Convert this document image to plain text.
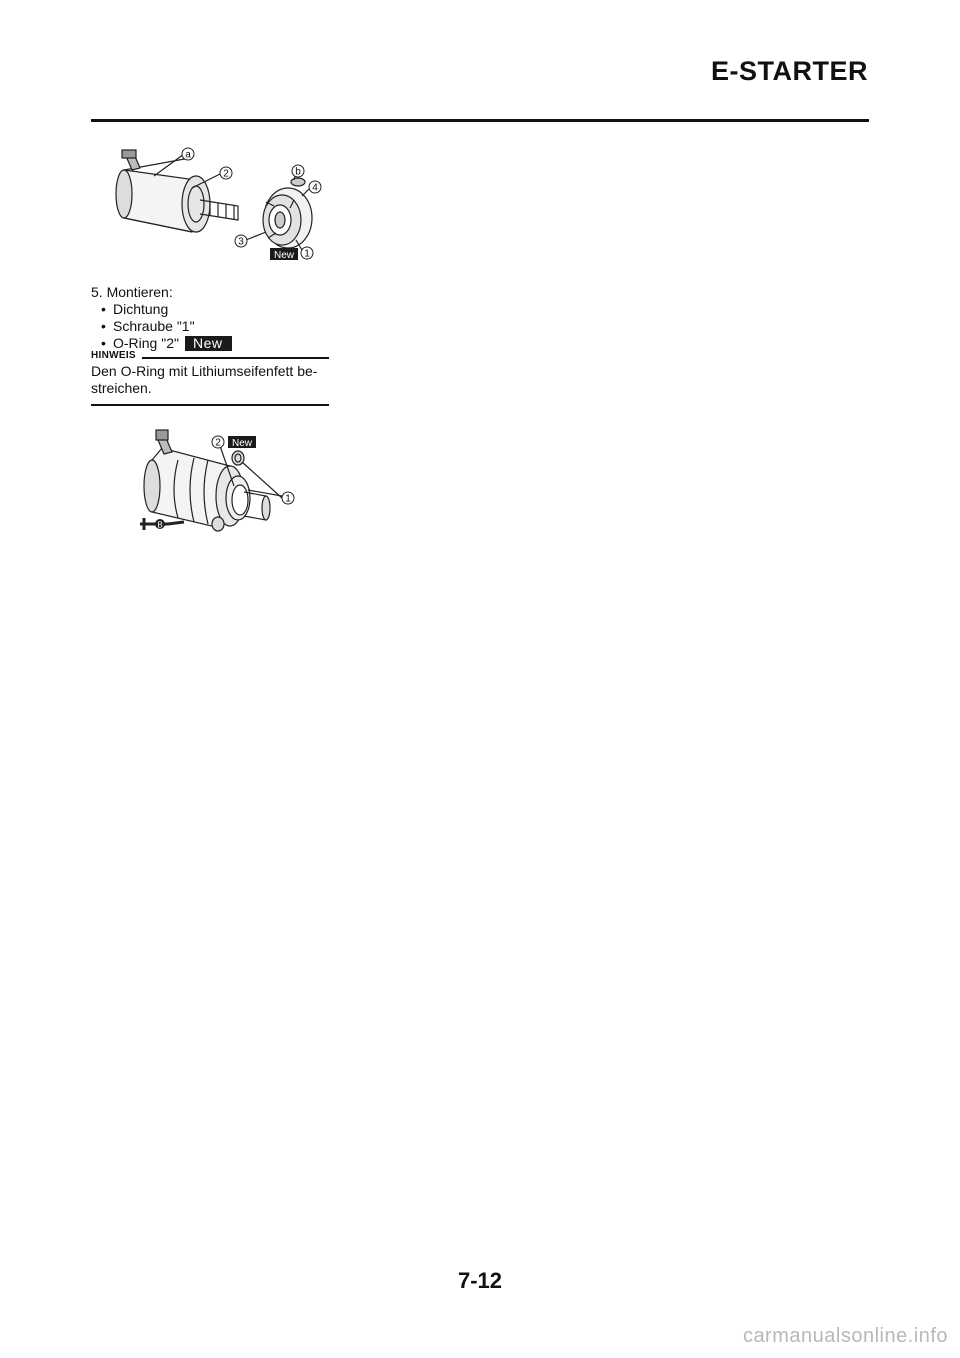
E-STARTER
a
2	b
4
3
New 1

5. Montieren:

• Dichtung
• Schraube "1"
• O-Ring "2"	New
HINWEIS

Den O-Ring mit Lithiumseifenfett be-
streichen.

2 New
1
B

7-12

carmanualsonline.info
